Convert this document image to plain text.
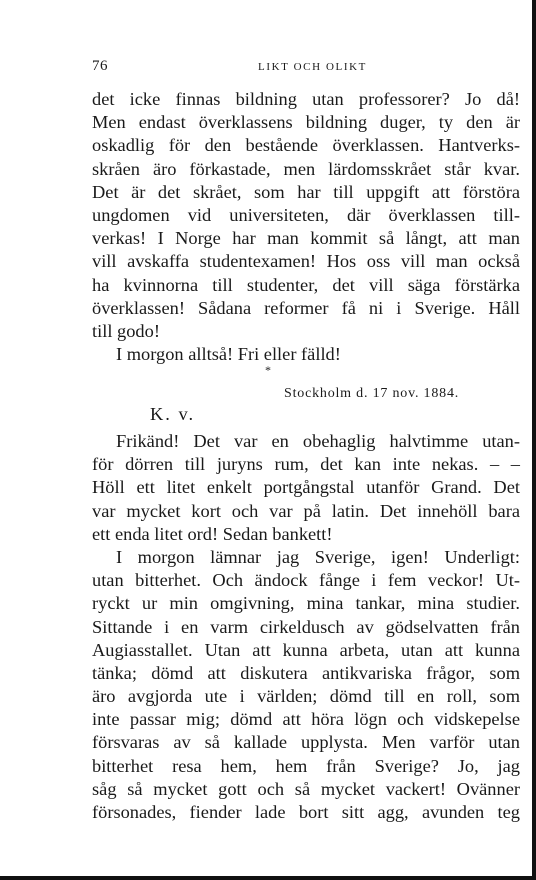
76	LIKT OCH OLIKT
det icke finnas bildning utan professorer? Jo då!
Men endast överklassens bildning duger, ty den är
oskadlig för den bestående överklassen. Hantverks-
skråen äro förkastade, men lärdomsskrået står kvar.
Det är det skrået, som har till uppgift att förstöra
ungdomen vid universiteten, där överklassen till-
verkas! I Norge har man kommit så långt, att man
vill avskaffa studentexamen! Hos oss vill man också
ha kvinnorna till studenter, det vill säga förstärka
överklassen! Sådana reformer få ni i Sverige. Håll
till godo!
I morgon alltså! Fri eller fälld!
*
Stockholm d. 17 nov. 1884.
K. v.
Frikänd! Det var en obehaglig halvtimme utan-
för dörren till juryns rum, det kan inte nekas. – –
Höll ett litet enkelt portgångstal utanför Grand. Det
var mycket kort och var på latin. Det innehöll bara
ett enda litet ord! Sedan bankett!
I morgon lämnar jag Sverige, igen! Underligt:
utan bitterhet. Och ändock fånge i fem veckor! Ut-
ryckt ur min omgivning, mina tankar, mina studier.
Sittande i en varm cirkeldusch av gödselvatten från
Augiasstallet. Utan att kunna arbeta, utan att kunna
tänka; dömd att diskutera antikvariska frågor, som
äro avgjorda ute i världen; dömd till en roll, som
inte passar mig; dömd att höra lögn och vidskepelse
försvaras av så kallade upplysta. Men varför utan
bitterhet resa hem, hem från Sverige? Jo, jag
såg så mycket gott och så mycket vackert! Ovänner
försonades, fiender lade bort sitt agg, avunden teg
